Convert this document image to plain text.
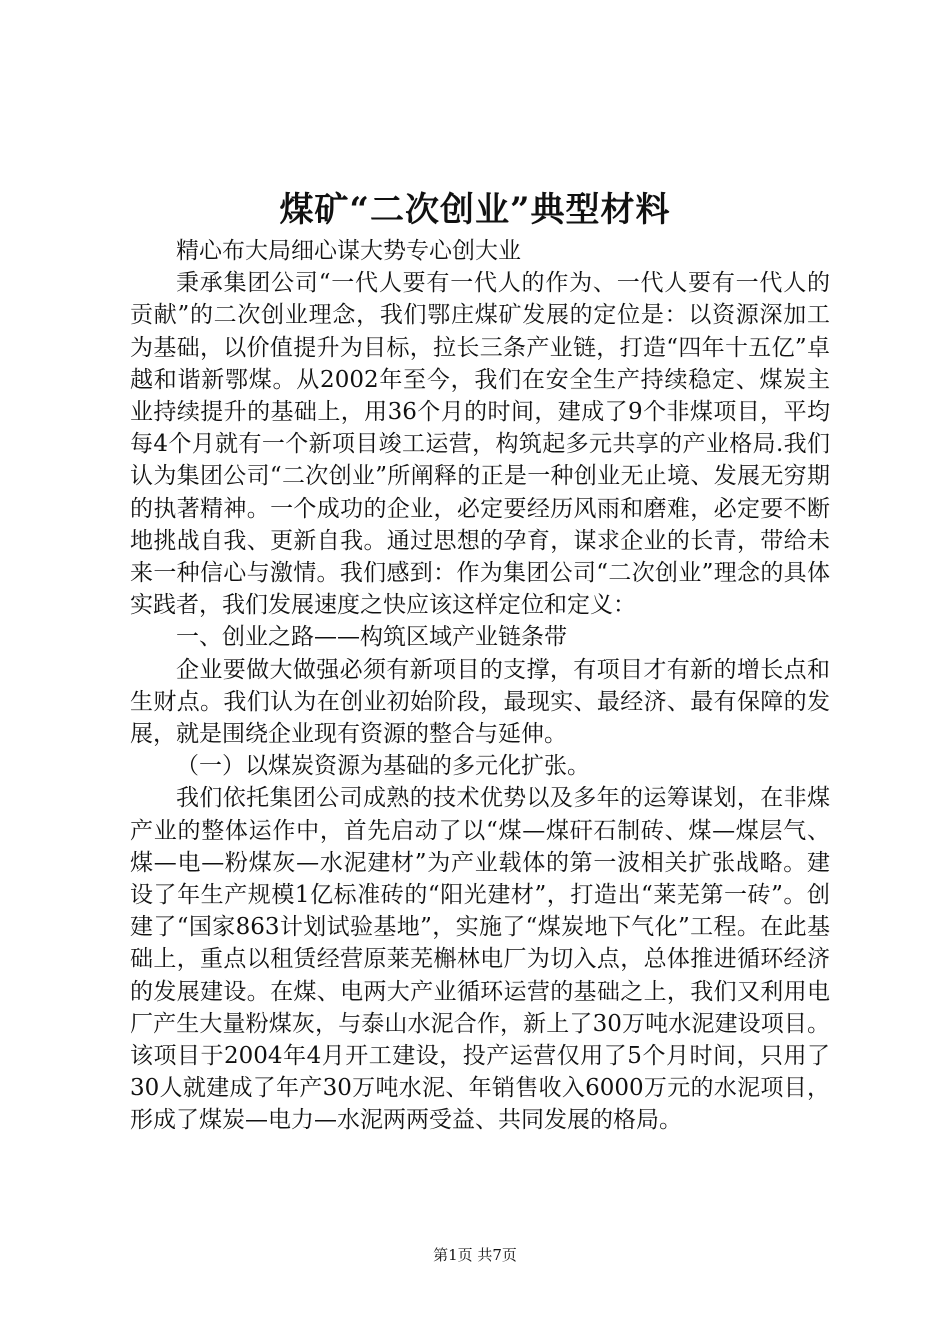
煤矿“二次创业”典型材料

精心布大局细心谋大势专心创大业

秉承集团公司“一代人要有一代人的作为、一代人要有一代人的贡献”的二次创业理念，我们鄂庄煤矿发展的定位是：以资源深加工为基础，以价值提升为目标，拉长三条产业链，打造“四年十五亿”卓越和谐新鄂煤。从2002年至今，我们在安全生产持续稳定、煤炭主业持续提升的基础上，用36个月的时间，建成了9个非煤项目，平均每4个月就有一个新项目竣工运营，构筑起多元共享的产业格局.我们认为集团公司“二次创业”所阐释的正是一种创业无止境、发展无穷期的执著精神。一个成功的企业，必定要经历风雨和磨难，必定要不断地挑战自我、更新自我。通过思想的孕育，谋求企业的长青，带给未来一种信心与激情。我们感到：作为集团公司“二次创业”理念的具体实践者，我们发展速度之快应该这样定位和定义：

一、创业之路——构筑区域产业链条带

企业要做大做强必须有新项目的支撑，有项目才有新的增长点和生财点。我们认为在创业初始阶段，最现实、最经济、最有保障的发展，就是围绕企业现有资源的整合与延伸。

（一）以煤炭资源为基础的多元化扩张。

我们依托集团公司成熟的技术优势以及多年的运筹谋划，在非煤产业的整体运作中，首先启动了以“煤—煤矸石制砖、煤—煤层气、煤—电—粉煤灰—水泥建材”为产业载体的第一波相关扩张战略。建设了年生产规模1亿标准砖的“阳光建材”，打造出“莱芜第一砖”。创建了“国家863计划试验基地”，实施了“煤炭地下气化”工程。在此基础上，重点以租赁经营原莱芜槲林电厂为切入点，总体推进循环经济的发展建设。在煤、电两大产业循环运营的基础之上，我们又利用电厂产生大量粉煤灰，与泰山水泥合作，新上了30万吨水泥建设项目。该项目于2004年4月开工建设，投产运营仅用了5个月时间，只用了30人就建成了年产30万吨水泥、年销售收入6000万元的水泥项目，形成了煤炭—电力—水泥两两受益、共同发展的格局。

第1页 共7页
